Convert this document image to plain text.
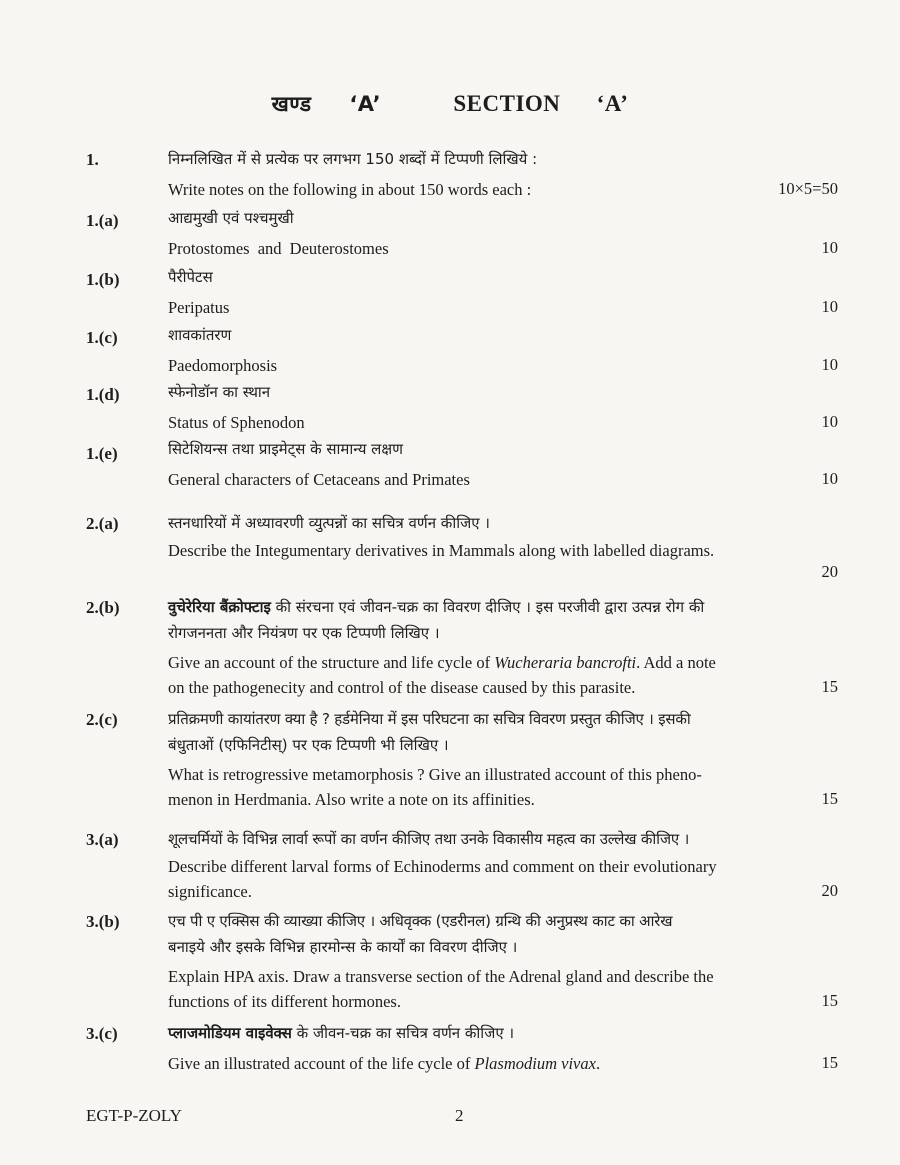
खण्ड ‘A’	SECTION ‘A’
1.	निम्नलिखित में से प्रत्येक पर लगभग 150 शब्दों में टिप्पणी लिखिये :
Write notes on the following in about 150 words each :	10×5=50
1.(a)	आद्यमुखी एवं पश्चमुखी
Protostomes and Deuterostomes	10
1.(b)	पैरीपेटस
Peripatus	10
1.(c)	शावकांतरण
Paedomorphosis	10
1.(d)	स्फेनोडॉन का स्थान
Status of Sphenodon	10
1.(e)	सिटेशियन्स तथा प्राइमेट्स के सामान्य लक्षण
General characters of Cetaceans and Primates	10
2.(a)	स्तनधारियों में अध्यावरणी व्युत्पन्नों का सचित्र वर्णन कीजिए ।
Describe the Integumentary derivatives in Mammals along with labelled diagrams.
20
2.(b)	वुचेरेरिया बैंक्रोफ्टाइ की संरचना एवं जीवन-चक्र का विवरण दीजिए । इस परजीवी द्वारा उत्पन्न रोग की
रोगजननता और नियंत्रण पर एक टिप्पणी लिखिए ।
Give an account of the structure and life cycle of Wucheraria bancrofti. Add a note
on the pathogenecity and control of the disease caused by this parasite.	15
2.(c)	प्रतिक्रमणी कायांतरण क्या है ? हर्डमेनिया में इस परिघटना का सचित्र विवरण प्रस्तुत कीजिए । इसकी
बंधुताओं (एफिनिटीस्) पर एक टिप्पणी भी लिखिए ।
What is retrogressive metamorphosis ? Give an illustrated account of this pheno-
menon in Herdmania. Also write a note on its affinities.	15
3.(a)	शूलचर्मियों के विभिन्न लार्वा रूपों का वर्णन कीजिए तथा उनके विकासीय महत्व का उल्लेख कीजिए ।
Describe different larval forms of Echinoderms and comment on their evolutionary
significance.	20
3.(b)	एच पी ए एक्सिस की व्याख्या कीजिए । अधिवृक्क (एडरीनल) ग्रन्थि की अनुप्रस्थ काट का आरेख
बनाइये और इसके विभिन्न हारमोन्स के कार्यों का विवरण दीजिए ।
Explain HPA axis. Draw a transverse section of the Adrenal gland and describe the
functions of its different hormones.	15
3.(c)	प्लाजमोडियम वाइवेक्स के जीवन-चक्र का सचित्र वर्णन कीजिए ।
Give an illustrated account of the life cycle of Plasmodium vivax.	15
EGT-P-ZOLY	2
